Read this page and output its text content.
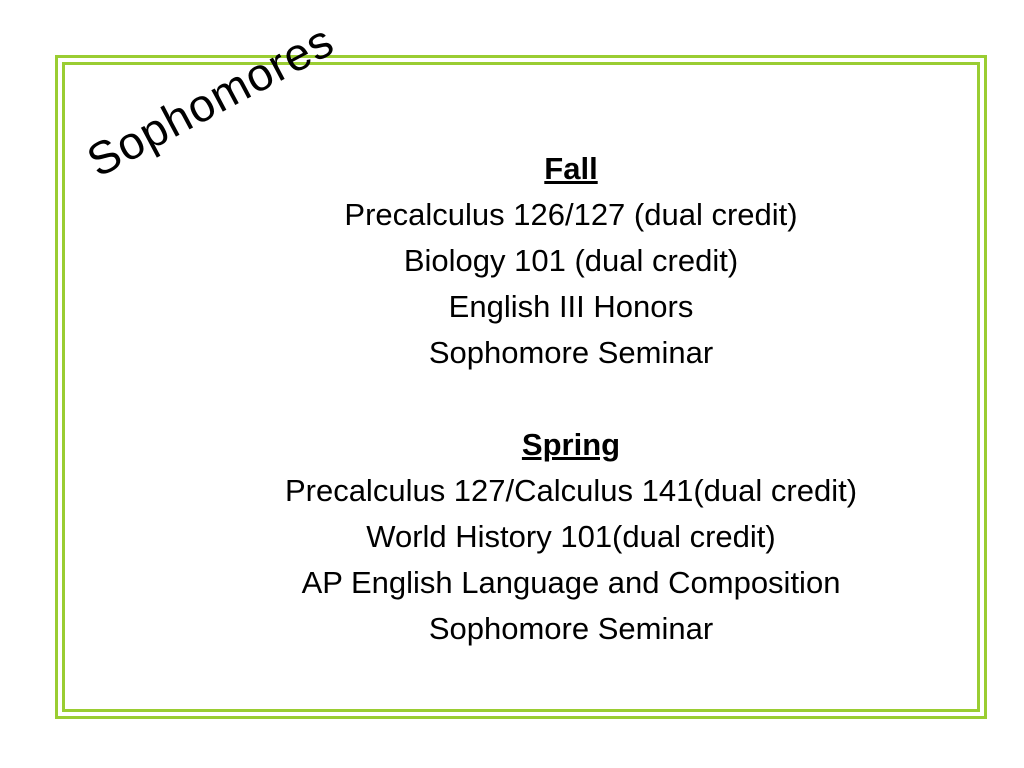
Sophomores	Fall
Precalculus 126/127 (dual credit)
Biology 101 (dual credit)
English III Honors
Sophomore Seminar
Spring
Precalculus 127/Calculus 141(dual credit)
World History 101(dual credit)
AP English Language and Composition
Sophomore Seminar
